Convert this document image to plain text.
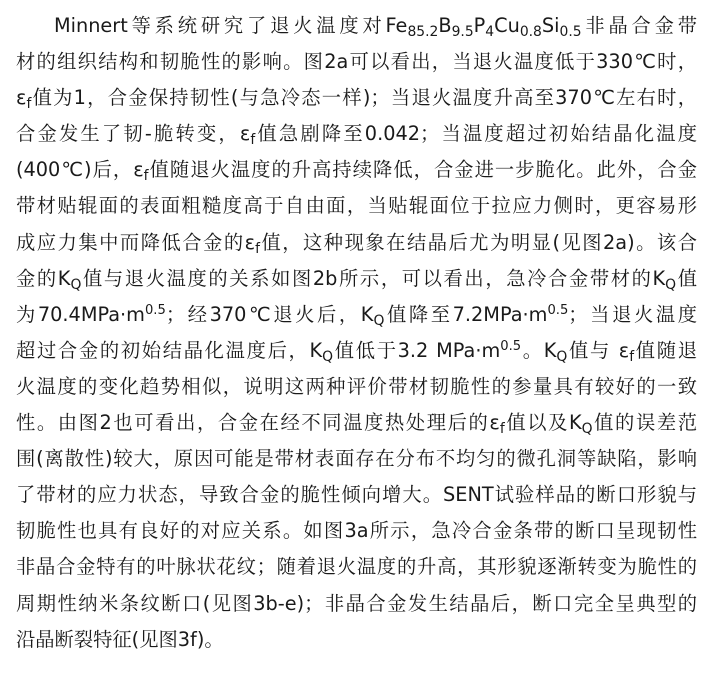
Minnert等系统研究了退火温度对$Fe_{85.2}B_{9.5}P_4Cu_{0.8}Si_{0.5}$非晶合金带
材的组织结构和韧脆性的影响。图2a可以看出，当退火温度低于330℃时，
$\varepsilon_f$值为1，合金保持韧性(与急冷态一样)；当退火温度升高至370℃左右时，
合金发生了韧-脆转变，$\varepsilon_f$值急剧降至0.042；当温度超过初始结晶化温度
(400℃)后，$\varepsilon_f$值随退火温度的升高持续降低，合金进一步脆化。此外，合金
带材贴辊面的表面粗糙度高于自由面，当贴辊面位于拉应力侧时，更容易形
成应力集中而降低合金的$\varepsilon_f$值，这种现象在结晶后尤为明显(见图2a)。该合
金的$K_Q$值与退火温度的关系如图2b所示，可以看出，急冷合金带材的$K_Q$值
为$70.4MPa\cdot m^{0.5}$；经370℃退火后，$K_Q$值降至$7.2MPa\cdot m^{0.5}$；当退火温度
超过合金的初始结晶化温度后，$K_Q$值低于3.2 $MPa\cdot m^{0.5}$。$K_Q$值与 $\varepsilon_f$值随退
火温度的变化趋势相似，说明这两种评价带材韧脆性的参量具有较好的一致
性。由图2也可看出，合金在经不同温度热处理后的$\varepsilon_f$值以及$K_Q$值的误差范
围(离散性)较大，原因可能是带材表面存在分布不均匀的微孔洞等缺陷，影响
了带材的应力状态，导致合金的脆性倾向增大。SENT试验样品的断口形貌与
韧脆性也具有良好的对应关系。如图3a所示，急冷合金条带的断口呈现韧性
非晶合金特有的叶脉状花纹；随着退火温度的升高，其形貌逐渐转变为脆性的
周期性纳米条纹断口(见图3b-e)；非晶合金发生结晶后，断口完全呈典型的
沿晶断裂特征(见图3f)。
